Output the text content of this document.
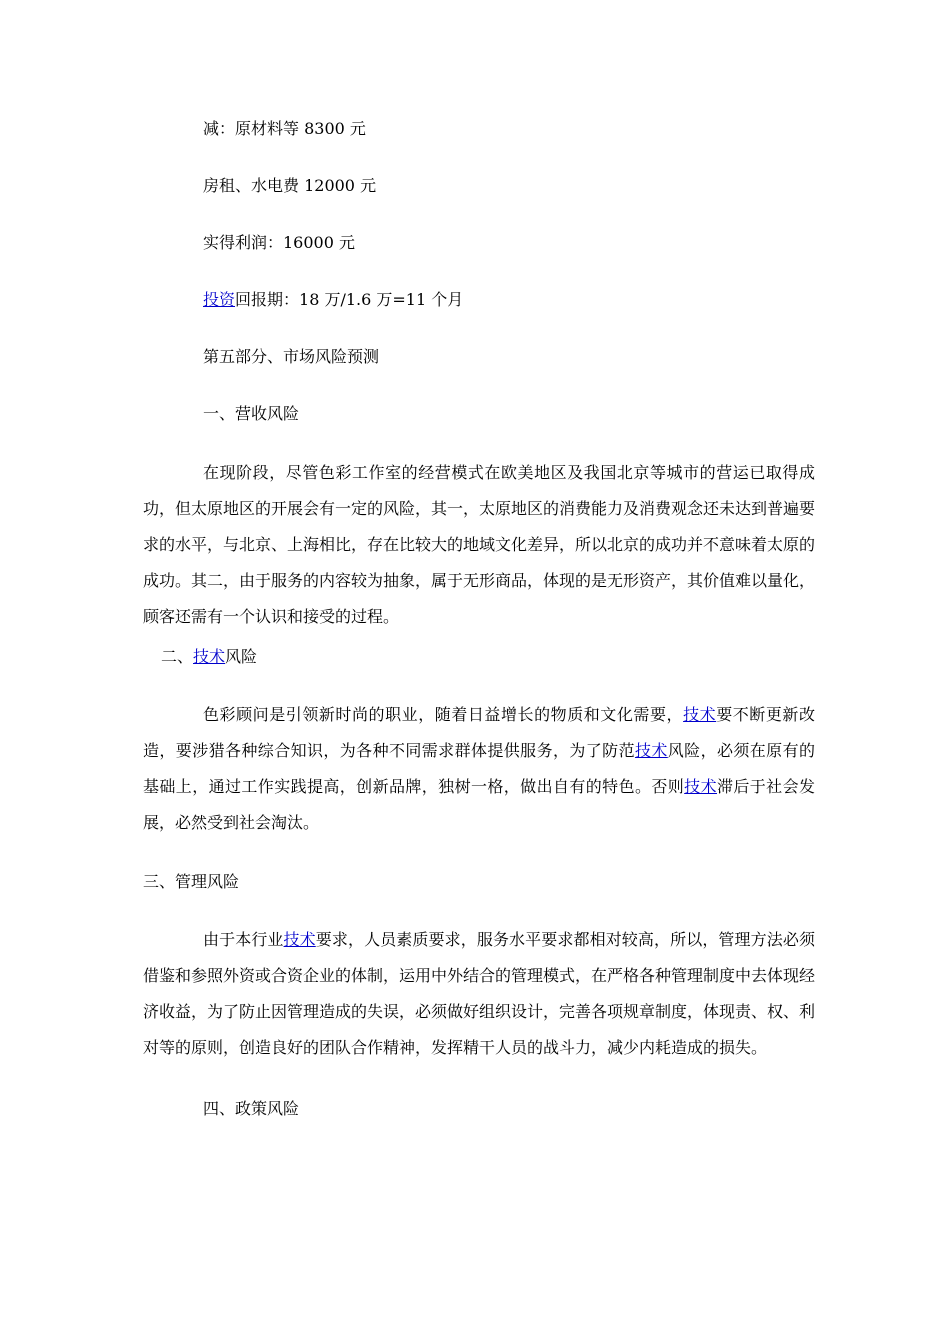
减：原材料等 8300 元
房租、水电费 12000 元
实得利润：16000 元
投资回报期：18 万/1.6 万=11 个月
第五部分、市场风险预测
一、营收风险

在现阶段，尽管色彩工作室的经营模式在欧美地区及我国北京等城市的营运已取得成功，但太原地区的开展会有一定的风险，其一，太原地区的消费能力及消费观念还未达到普遍要求的水平，与北京、上海相比，存在比较大的地域文化差异，所以北京的成功并不意味着太原的成功。其二，由于服务的内容较为抽象，属于无形商品，体现的是无形资产，其价值难以量化，顾客还需有一个认识和接受的过程。

二、技术风险

色彩顾问是引领新时尚的职业，随着日益增长的物质和文化需要，技术要不断更新改造，要涉猎各种综合知识，为各种不同需求群体提供服务，为了防范技术风险，必须在原有的基础上，通过工作实践提高，创新品牌，独树一格，做出自有的特色。否则技术滞后于社会发展，必然受到社会淘汰。

三、管理风险

由于本行业技术要求，人员素质要求，服务水平要求都相对较高，所以，管理方法必须借鉴和参照外资或合资企业的体制，运用中外结合的管理模式，在严格各种管理制度中去体现经济收益，为了防止因管理造成的失误，必须做好组织设计，完善各项规章制度，体现责、权、利对等的原则，创造良好的团队合作精神，发挥精干人员的战斗力，减少内耗造成的损失。

四、政策风险
